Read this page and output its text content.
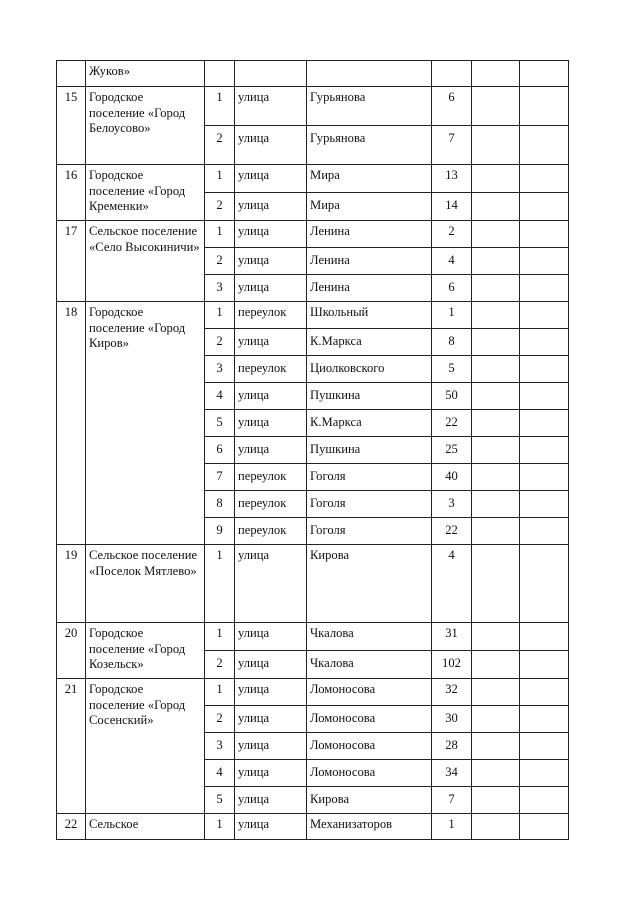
	Жуков»						
15	Городское поселение «Город Белоусово»	1	улица	Гурьянова	6		
		2	улица	Гурьянова	7		
16	Городское поселение «Город Кременки»	1	улица	Мира	13		
		2	улица	Мира	14		
17	Сельское поселение «Село Высокиничи»	1	улица	Ленина	2		
		2	улица	Ленина	4		
		3	улица	Ленина	6		
18	Городское поселение «Город Киров»	1	переулок	Школьный	1		
		2	улица	К.Маркса	8		
		3	переулок	Циолковского	5		
		4	улица	Пушкина	50		
		5	улица	К.Маркса	22		
		6	улица	Пушкина	25		
		7	переулок	Гоголя	40		
		8	переулок	Гоголя	3		
		9	переулок	Гоголя	22		
19	Сельское поселение «Поселок Мятлево»	1	улица	Кирова	4		
20	Городское поселение «Город Козельск»	1	улица	Чкалова	31		
		2	улица	Чкалова	102		
21	Городское поселение «Город Сосенский»	1	улица	Ломоносова	32		
		2	улица	Ломоносова	30		
		3	улица	Ломоносова	28		
		4	улица	Ломоносова	34		
		5	улица	Кирова	7		
22	Сельское	1	улица	Механизаторов	1		
